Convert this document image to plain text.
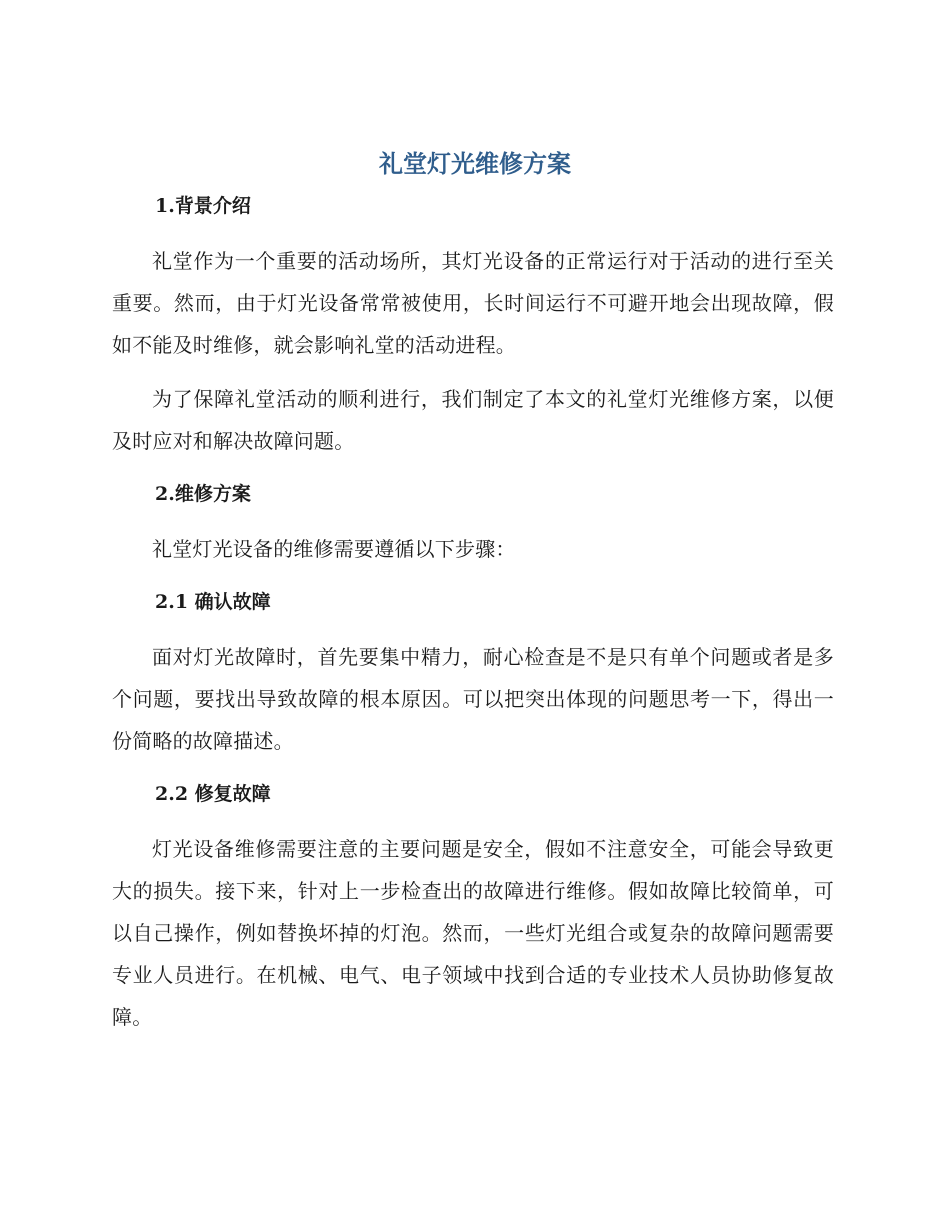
礼堂灯光维修方案
1.背景介绍

礼堂作为一个重要的活动场所，其灯光设备的正常运行对于活动的进行至关重要。然而，由于灯光设备常常被使用，长时间运行不可避开地会出现故障，假如不能及时维修，就会影响礼堂的活动进程。

为了保障礼堂活动的顺利进行，我们制定了本文的礼堂灯光维修方案，以便及时应对和解决故障问题。

2.维修方案

礼堂灯光设备的维修需要遵循以下步骤：

2.1 确认故障

面对灯光故障时，首先要集中精力，耐心检查是不是只有单个问题或者是多个问题，要找出导致故障的根本原因。可以把突出体现的问题思考一下，得出一份简略的故障描述。

2.2 修复故障

灯光设备维修需要注意的主要问题是安全，假如不注意安全，可能会导致更大的损失。接下来，针对上一步检查出的故障进行维修。假如故障比较简单，可以自己操作，例如替换坏掉的灯泡。然而，一些灯光组合或复杂的故障问题需要专业人员进行。在机械、电气、电子领域中找到合适的专业技术人员协助修复故障。
